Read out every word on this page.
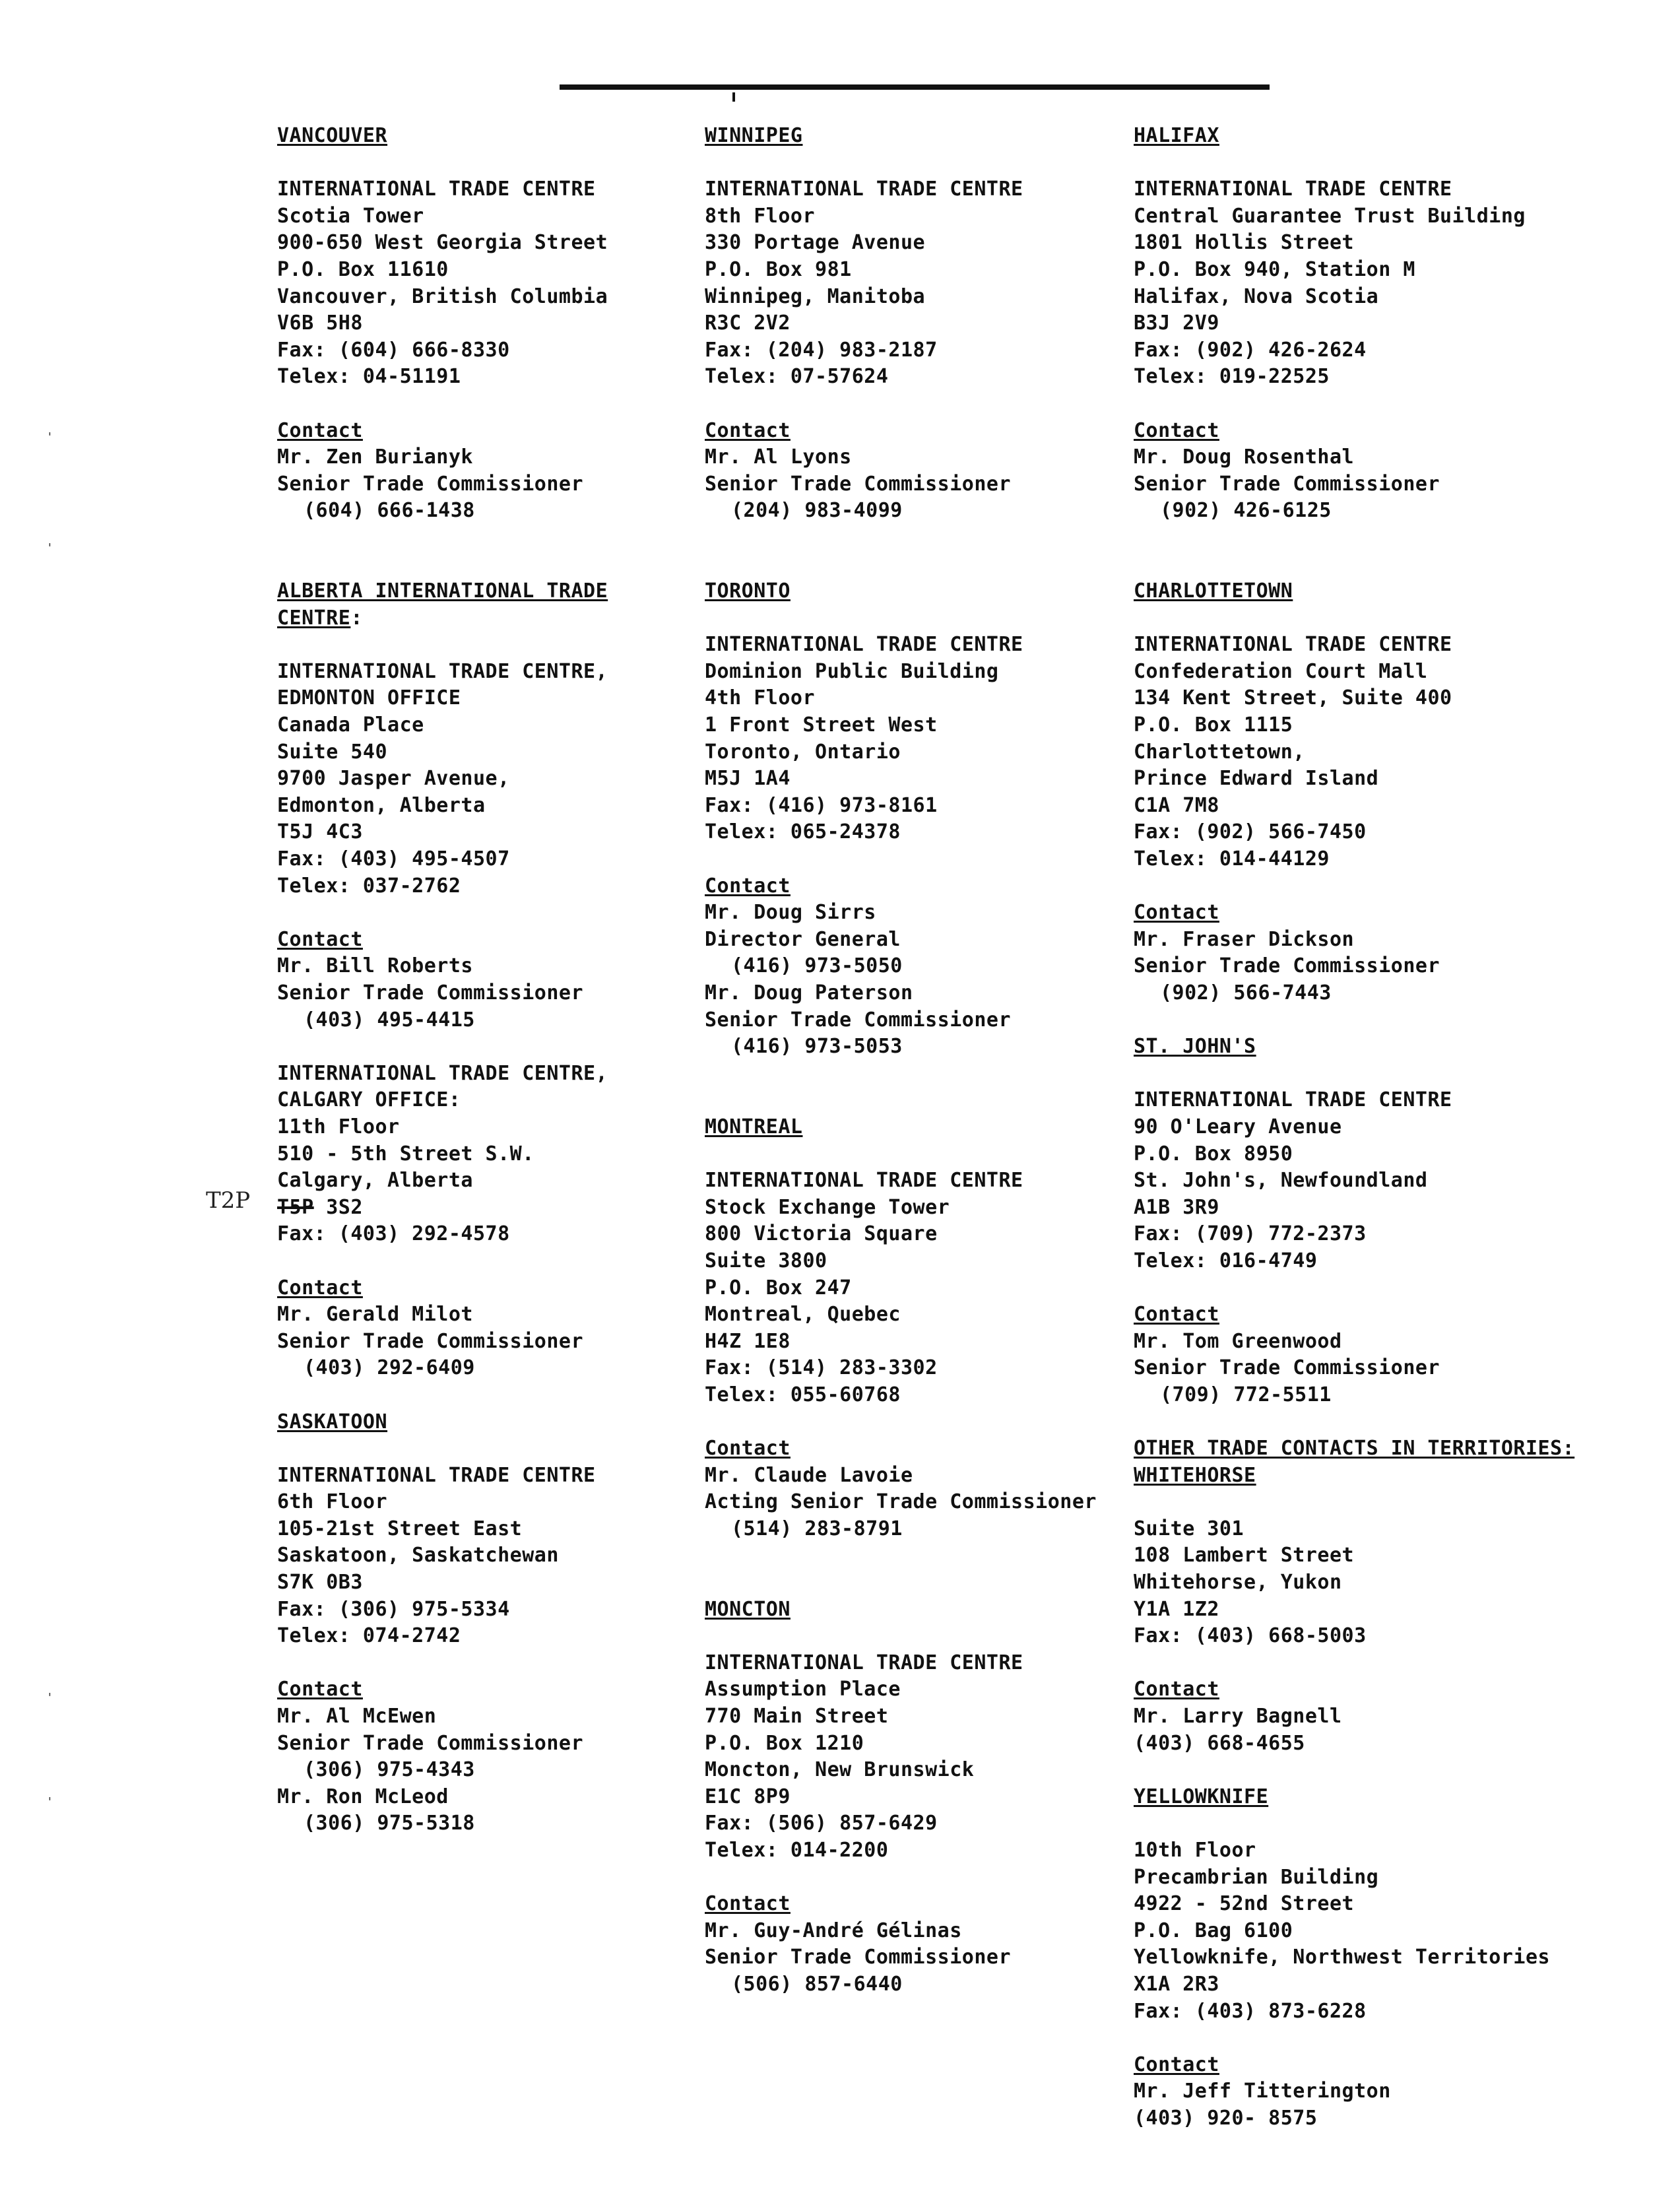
'
'
'
'
T2P
VANCOUVER
INTERNATIONAL TRADE CENTRE
Scotia Tower
900-650 West Georgia Street
P.O. Box 11610
Vancouver, British Columbia
V6B 5H8
Fax: (604) 666-8330
Telex: 04-51191
Contact
Mr. Zen Burianyk
Senior Trade Commissioner
(604) 666-1438
ALBERTA INTERNATIONAL TRADE
CENTRE:
INTERNATIONAL TRADE CENTRE,
EDMONTON OFFICE
Canada Place
Suite 540
9700 Jasper Avenue,
Edmonton, Alberta
T5J 4C3
Fax: (403) 495-4507
Telex: 037-2762
Contact
Mr. Bill Roberts
Senior Trade Commissioner
(403) 495-4415
INTERNATIONAL TRADE CENTRE,
CALGARY OFFICE:
11th Floor
510 - 5th Street S.W.
Calgary, Alberta
T5P 3S2
Fax: (403) 292-4578
Contact
Mr. Gerald Milot
Senior Trade Commissioner
(403) 292-6409
SASKATOON
INTERNATIONAL TRADE CENTRE
6th Floor
105-21st Street East
Saskatoon, Saskatchewan
S7K 0B3
Fax: (306) 975-5334
Telex: 074-2742
Contact
Mr. Al McEwen
Senior Trade Commissioner
(306) 975-4343
Mr. Ron McLeod
(306) 975-5318
WINNIPEG
INTERNATIONAL TRADE CENTRE
8th Floor
330 Portage Avenue
P.O. Box 981
Winnipeg, Manitoba
R3C 2V2
Fax: (204) 983-2187
Telex: 07-57624
Contact
Mr. Al Lyons
Senior Trade Commissioner
(204) 983-4099
TORONTO
INTERNATIONAL TRADE CENTRE
Dominion Public Building
4th Floor
1 Front Street West
Toronto, Ontario
M5J 1A4
Fax: (416) 973-8161
Telex: 065-24378
Contact
Mr. Doug Sirrs
Director General
(416) 973-5050
Mr. Doug Paterson
Senior Trade Commissioner
(416) 973-5053
MONTREAL
INTERNATIONAL TRADE CENTRE
Stock Exchange Tower
800 Victoria Square
Suite 3800
P.O. Box 247
Montreal, Quebec
H4Z 1E8
Fax: (514) 283-3302
Telex: 055-60768
Contact
Mr. Claude Lavoie
Acting Senior Trade Commissioner
(514) 283-8791
MONCTON
INTERNATIONAL TRADE CENTRE
Assumption Place
770 Main Street
P.O. Box 1210
Moncton, New Brunswick
E1C 8P9
Fax: (506) 857-6429
Telex: 014-2200
Contact
Mr. Guy-André Gélinas
Senior Trade Commissioner
(506) 857-6440
HALIFAX
INTERNATIONAL TRADE CENTRE
Central Guarantee Trust Building
1801 Hollis Street
P.O. Box 940, Station M
Halifax, Nova Scotia
B3J 2V9
Fax: (902) 426-2624
Telex: 019-22525
Contact
Mr. Doug Rosenthal
Senior Trade Commissioner
(902) 426-6125
CHARLOTTETOWN
INTERNATIONAL TRADE CENTRE
Confederation Court Mall
134 Kent Street, Suite 400
P.O. Box 1115
Charlottetown,
Prince Edward Island
C1A 7M8
Fax: (902) 566-7450
Telex: 014-44129
Contact
Mr. Fraser Dickson
Senior Trade Commissioner
(902) 566-7443
ST. JOHN'S
INTERNATIONAL TRADE CENTRE
90 O'Leary Avenue
P.O. Box 8950
St. John's, Newfoundland
A1B 3R9
Fax: (709) 772-2373
Telex: 016-4749
Contact
Mr. Tom Greenwood
Senior Trade Commissioner
(709) 772-5511
OTHER TRADE CONTACTS IN TERRITORIES:
WHITEHORSE
Suite 301
108 Lambert Street
Whitehorse, Yukon
Y1A 1Z2
Fax: (403) 668-5003
Contact
Mr. Larry Bagnell
(403) 668-4655
YELLOWKNIFE
10th Floor
Precambrian Building
4922 - 52nd Street
P.O. Bag 6100
Yellowknife, Northwest Territories
X1A 2R3
Fax: (403) 873-6228
Contact
Mr. Jeff Titterington
(403) 920- 8575
